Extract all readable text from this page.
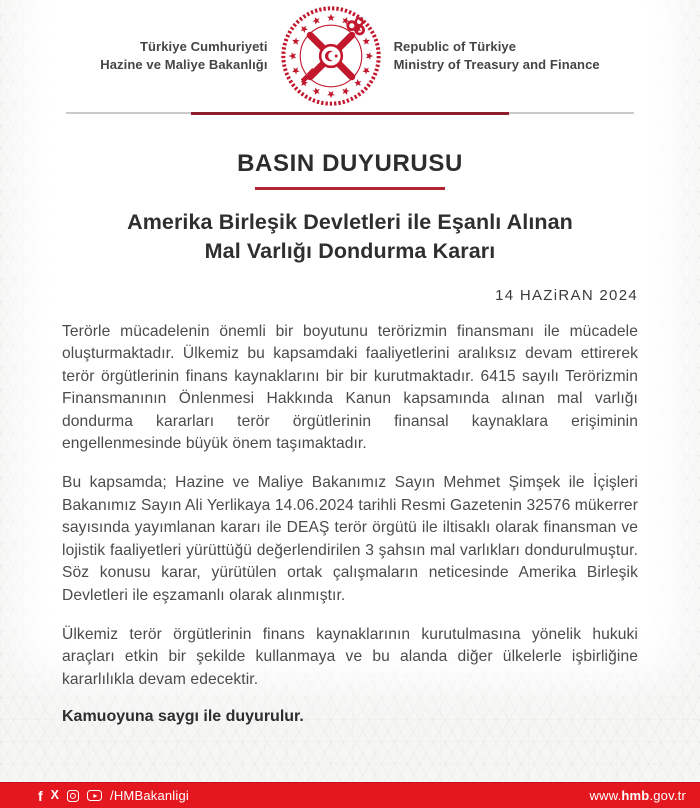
Türkiye Cumhuriyeti
Hazine ve Maliye Bakanlığı
Republic of Türkiye
Ministry of Treasury and Finance
BASIN DUYURUSU
Amerika Birleşik Devletleri ile Eşanlı Alınan
Mal Varlığı Dondurma Kararı
14 HAZiRAN 2024

Terörle mücadelenin önemli bir boyutunu terörizmin finansmanı ile mücadele oluşturmaktadır. Ülkemiz bu kapsamdaki faaliyetlerini aralıksız devam ettirerek terör örgütlerinin finans kaynaklarını bir bir kurutmaktadır. 6415 sayılı Terörizmin Finansmanının Önlenmesi Hakkında Kanun kapsamında alınan mal varlığı dondurma kararları terör örgütlerinin finansal kaynaklara erişiminin engellenmesinde büyük önem taşımaktadır.

Bu kapsamda; Hazine ve Maliye Bakanımız Sayın Mehmet Şimşek ile İçişleri Bakanımız Sayın Ali Yerlikaya 14.06.2024 tarihli Resmi Gazetenin 32576 mükerrer sayısında yayımlanan kararı ile DEAŞ terör örgütü ile iltisaklı olarak finansman ve lojistik faaliyetleri yürüttüğü değerlendirilen 3 şahsın mal varlıkları dondurulmuştur. Söz konusu karar, yürütülen ortak çalışmaların neticesinde Amerika Birleşik Devletleri ile eşzamanlı olarak alınmıştır.

Ülkemiz terör örgütlerinin finans kaynaklarının kurutulmasına yönelik hukuki araçları etkin bir şekilde kullanmaya ve bu alanda diğer ülkelerle işbirliğine kararlılıkla devam edecektir.

Kamuoyuna saygı ile duyurulur.

f X	/HMBakanligi	www.hmb.gov.tr
